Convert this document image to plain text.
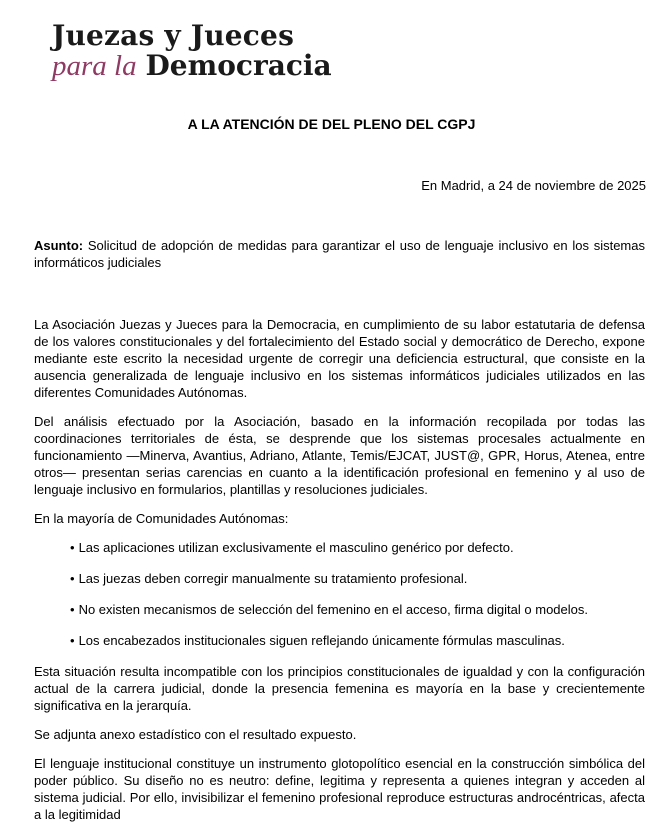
Juezas y Jueces
para la Democracia
A LA ATENCIÓN DE DEL PLENO DEL CGPJ
En Madrid, a 24 de noviembre de 2025
Asunto: Solicitud de adopción de medidas para garantizar el uso de lenguaje inclusivo en los sistemas informáticos judiciales

La Asociación Juezas y Jueces para la Democracia, en cumplimiento de su labor estatutaria de defensa de los valores constitucionales y del fortalecimiento del Estado social y democrático de Derecho, expone mediante este escrito la necesidad urgente de corregir una deficiencia estructural, que consiste en la ausencia generalizada de lenguaje inclusivo en los sistemas informáticos judiciales utilizados en las diferentes Comunidades Autónomas.

Del análisis efectuado por la Asociación, basado en la información recopilada por todas las coordinaciones territoriales de ésta, se desprende que los sistemas procesales actualmente en funcionamiento —Minerva, Avantius, Adriano, Atlante, Temis/EJCAT, JUST@, GPR, Horus, Atenea, entre otros— presentan serias carencias en cuanto a la identificación profesional en femenino y al uso de lenguaje inclusivo en formularios, plantillas y resoluciones judiciales.

En la mayoría de Comunidades Autónomas:

• Las aplicaciones utilizan exclusivamente el masculino genérico por defecto.
• Las juezas deben corregir manualmente su tratamiento profesional.
• No existen mecanismos de selección del femenino en el acceso, firma digital o modelos.
• Los encabezados institucionales siguen reflejando únicamente fórmulas masculinas.

Esta situación resulta incompatible con los principios constitucionales de igualdad y con la configuración actual de la carrera judicial, donde la presencia femenina es mayoría en la base y crecientemente significativa en la jerarquía.

Se adjunta anexo estadístico con el resultado expuesto.

El lenguaje institucional constituye un instrumento glotopolítico esencial en la construcción simbólica del poder público. Su diseño no es neutro: define, legitima y representa a quienes integran y acceden al sistema judicial. Por ello, invisibilizar el femenino profesional reproduce estructuras androcéntricas, afecta a la legitimidad
